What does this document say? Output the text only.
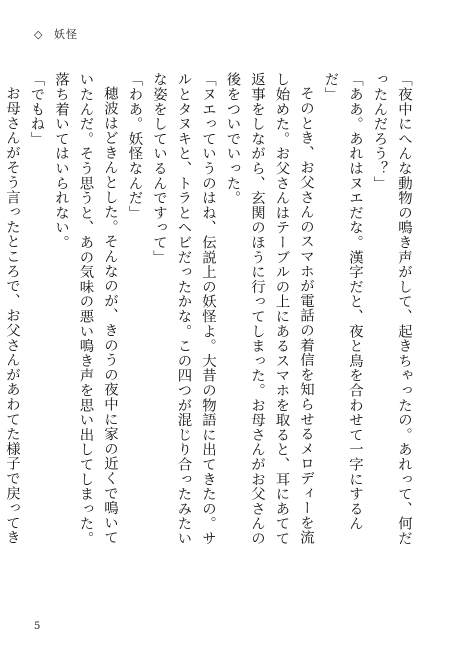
◇ 妖怪

「夜中にへんな動物の鳴き声がして、起きちゃったの。あれって、何だったんだろう？」

「ああ。あれはヌエだな。漢字だと、夜と鳥を合わせて一字にするんだ」

そのとき、お父さんのスマホが電話の着信を知らせるメロディーを流し始めた。お父さんはテーブルの上にあるスマホを取ると、耳にあてて返事をしながら、玄関のほうに行ってしまった。お母さんがお父さんの後をついでいった。

「ヌエっていうのはね、伝説上の妖怪よ。大昔の物語に出てきたの。サルとタヌキと、トラとヘビだったかな。この四つが混じり合ったみたいな姿をしているんですって」

「わあ。妖怪なんだ」

穂波はどきんとした。そんなのが、きのうの夜中に家の近くで鳴いていたんだ。そう思うと、あの気味の悪い鳴き声を思い出してしまった。落ち着いてはいられない。

「でもね」

お母さんがそう言ったところで、お父さんがあわてた様子で戻ってき

5
